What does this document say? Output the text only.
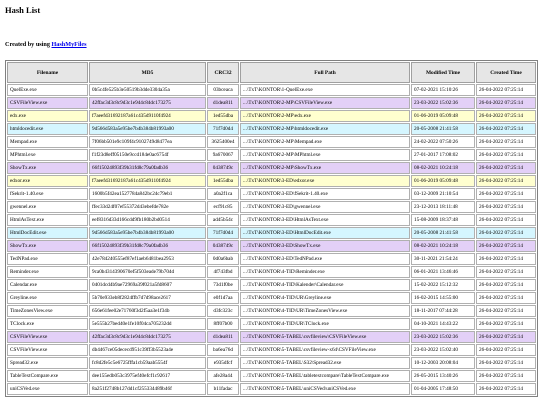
Hash List
Created by using HashMyFiles
Filename	MD5	CRC32	Full Path	Modified Time	Created Time
QuelExe.exe	0b5c4fe525b3e50519b3dde3304a35a	03bceaca	...\TxT\KONTOR\1-QuelExe.exe	07-02-2021 15:10:26	26-04-2022 07:25:14
CSVFileView.exe	42ffac3d3c8c9d3c1e944c84dc173275	d1dea811	...\TxT\KONTOR\2-MP\CSVFileView.exe	23-03-2022 15:02:36	26-04-2022 07:25:14
edx.exe	f7aeefd31692187a61c435d9110f4924	1ed55dba	...\TxT\KONTOR\2-MP\edx.exe	01-06-2019 05:09:48	26-04-2022 07:25:14
htmldocedit.exe	9d566d583a5e95be7b4b384b81993a00	71f7d0d4	...\TxT\KONTOR\2-MP\htmldocedit.exe	20-05-2008 21:41:58	26-04-2022 07:25:14
Mempad.exe	7f06bb501e9c109f4c9102749d8477ea	3625400e4	...\TxT\KONTOR\2-MP\Mempad.exe	24-02-2022 07:50:26	26-04-2022 07:25:14
MPhtml.exe	f1f23d8eff05150e9ccd184e0ac6754f	9a670067	...\TxT\KONTOR\2-MP\MPhtml.exe	27-01-2017 17:08:02	26-04-2022 07:25:14
ShowTx.exe	66f15024893f39b31fd8c79a0fadb36	0438749c	...\TxT\KONTOR\2-MP\ShowTx.exe	08-02-2021 10:24:18	26-04-2022 07:25:14
edxor.exe	f7aeefd31692187a61c435d9110f4924	1ed55dba	...\TxT\KONTOR\3-ED\edxor.exe	01-06-2019 05:09:48	26-04-2022 07:25:14
fSekrit-1.40.exe	1600b5f42ea1527784a842bc24c79eb1	a0a2f1ca	...\TxT\KONTOR\3-ED\fSekrit-1.40.exe	03-12-2009 21:10:54	26-04-2022 07:25:14
gwennel.exe	ffec33d24f07ef55372d43ebefde782e	ecf91c85	...\TxT\KONTOR\3-ED\gwennel.exe	23-12-2013 18:11:48	26-04-2022 07:25:14
HtmlAsText.exe	eef8316d33d166cdd9fb180b2bd0514	ad45b54c	...\TxT\KONTOR\3-ED\HtmlAsText.exe	15-08-2009 18:37:48	26-04-2022 07:25:14
HtmlDocEdit.exe	9d566d583a5e95be7b4b384b81993a00	71f7d0d4	...\TxT\KONTOR\3-ED\HtmlDocEdit.exe	20-05-2008 21:41:58	26-04-2022 07:25:14
ShowTx.exe	66f15024893f39b31fd8c79a0fadb36	0438749c	...\TxT\KONTOR\3-ED\ShowTx.exe	08-02-2021 10:24:18	26-04-2022 07:25:14
TedNPad.exe	42e784240555ef87ef1aeb6481bea2953	0d0a6bab	...\TxT\KONTOR\3-ED\TedNPad.exe	30-11-2021 21:54:24	26-04-2022 07:25:14
Reminder.exe	9ca0b4314390670ef5f503eade79b704d	4f743fbd	...\TxT\KONTOR\4-TID\Reminder.exe	06-01-2021 13:46:46	26-04-2022 07:25:14
Calendar.exe	0401dcd4b9ae72969a39f021a5fd8607	73d1f0be	...\TxT\KONTOR\4-TID\Kalender\Calendar.exe	15-02-2022 15:12:32	26-04-2022 07:25:14
Greyline.exe	5b70e933eb8f2824ffb7d7d98ace2617	e0f1d7aa	...\TxT\KONTOR\4-TID\UR\Greyline.exe	16-02-2015 14:55:00	26-04-2022 07:25:14
TimeZonesView.exe	656e61fee02e71760f3d2f5aa3e1f34b	d3fc323c	...\TxT\KONTOR\4-TID\UR\TimeZonesView.exe	18-11-2017 07:44:28	26-04-2022 07:25:14
TClock.exe	5e555b27bed40e1fe10f04ca705232dd	8ff07b00	...\TxT\KONTOR\4-TID\UR\TClock.exe	04-10-2021 14:43:22	26-04-2022 07:25:14
CSVFileView.exe	42ffac3d3c8c9d3c1e944c84dc173275	d1dea811	...\TxT\KONTOR\5-TABEL\csvfileview\CSVFileView.exe	23-03-2022 15:02:36	26-04-2022 07:25:14
CSVFileView.exe	db4467ce05dececd951c39ff3b5523a4e	ba6ea76d	...\TxT\KONTOR\5-TABEL\csvfileview-x64\CSVFileView.exe	23-03-2022 15:02:40	26-04-2022 07:25:14
Spread32.exe	fc8d2fe5c5e6725fffa1cb59aab5554f	e935dfcf	...\TxT\KONTOR\5-TABEL\S32\Spread32.exe	10-12-2003 20:08:04	26-04-2022 07:25:14
TableTextCompare.exe	dee155edb053c3975ef40efcf1c92617	afe28a44	...\TxT\KONTOR\5-TABEL\tabletextcompare\TableTextCompare.exe	26-05-2015 13:40:26	26-04-2022 07:25:14
uniCSVed.exe	8a251f2748b127dd1cf255334489b46f	b11fadac	...\TxT\KONTOR\5-TABEL\uniCSVed\uniCSVed.exe	01-04-2005 17:48:50	26-04-2022 07:25:14
